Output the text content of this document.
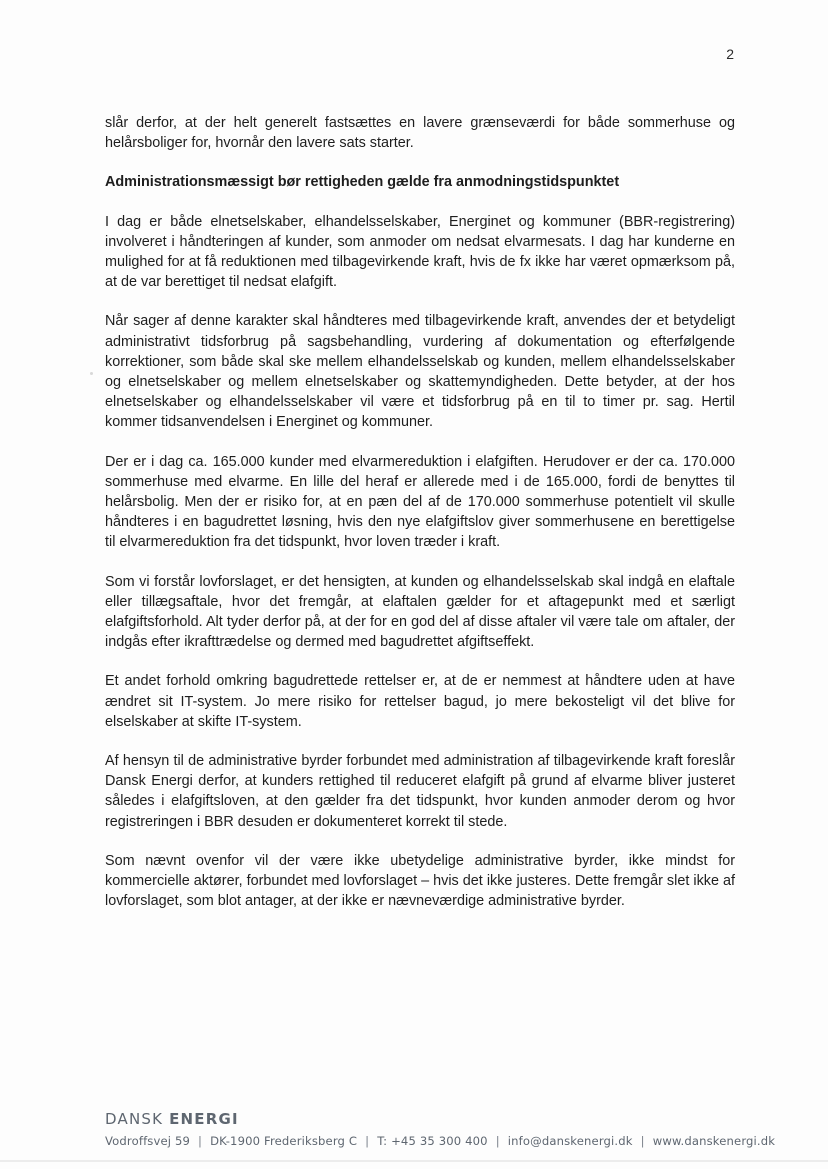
2

slår derfor, at der helt generelt fastsættes en lavere grænseværdi for både sommerhuse og helårsboliger for, hvornår den lavere sats starter.

Administrationsmæssigt bør rettigheden gælde fra anmodningstidspunktet

I dag er både elnetselskaber, elhandelsselskaber, Energinet og kommuner (BBR-registrering) involveret i håndteringen af kunder, som anmoder om nedsat elvarmesats. I dag har kunderne en mulighed for at få reduktionen med tilbagevirkende kraft, hvis de fx ikke har været opmærksom på, at de var berettiget til nedsat elafgift.

Når sager af denne karakter skal håndteres med tilbagevirkende kraft, anvendes der et betydeligt administrativt tidsforbrug på sagsbehandling, vurdering af dokumentation og efterfølgende korrektioner, som både skal ske mellem elhandelsselskab og kunden, mellem elhandelsselskaber og elnetselskaber og mellem elnetselskaber og skattemyndigheden. Dette betyder, at der hos elnetselskaber og elhandelsselskaber vil være et tidsforbrug på en til to timer pr. sag. Hertil kommer tidsanvendelsen i Energinet og kommuner.

Der er i dag ca. 165.000 kunder med elvarmereduktion i elafgiften. Herudover er der ca. 170.000 sommerhuse med elvarme. En lille del heraf er allerede med i de 165.000, fordi de benyttes til helårsbolig. Men der er risiko for, at en pæn del af de 170.000 sommerhuse potentielt vil skulle håndteres i en bagudrettet løsning, hvis den nye elafgiftslov giver sommerhusene en berettigelse til elvarmereduktion fra det tidspunkt, hvor loven træder i kraft.

Som vi forstår lovforslaget, er det hensigten, at kunden og elhandelsselskab skal indgå en elaftale eller tillægsaftale, hvor det fremgår, at elaftalen gælder for et aftagepunkt med et særligt elafgiftsforhold. Alt tyder derfor på, at der for en god del af disse aftaler vil være tale om aftaler, der indgås efter ikrafttrædelse og dermed med bagudrettet afgiftseffekt.

Et andet forhold omkring bagudrettede rettelser er, at de er nemmest at håndtere uden at have ændret sit IT-system. Jo mere risiko for rettelser bagud, jo mere bekosteligt vil det blive for elselskaber at skifte IT-system.

Af hensyn til de administrative byrder forbundet med administration af tilbagevirkende kraft foreslår Dansk Energi derfor, at kunders rettighed til reduceret elafgift på grund af elvarme bliver justeret således i elafgiftsloven, at den gælder fra det tidspunkt, hvor kunden anmoder derom og hvor registreringen i BBR desuden er dokumenteret korrekt til stede.

Som nævnt ovenfor vil der være ikke ubetydelige administrative byrder, ikke mindst for kommercielle aktører, forbundet med lovforslaget – hvis det ikke justeres. Dette fremgår slet ikke af lovforslaget, som blot antager, at der ikke er nævneværdige administrative byrder.

DANSK ENERGI
Vodroffsvej 59 | DK-1900 Frederiksberg C | T: +45 35 300 400 | info@danskenergi.dk | www.danskenergi.dk
